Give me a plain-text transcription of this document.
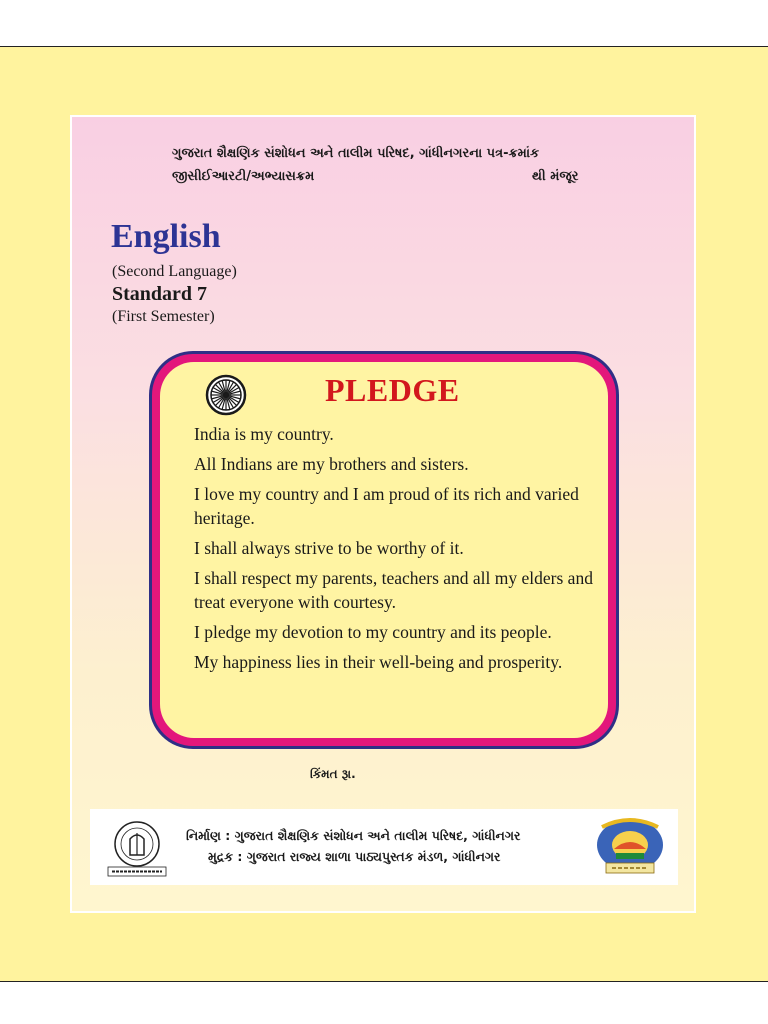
ગુજરાત શૈક્ષણિક સંશોધન અને તાલીમ પરિષદ, ગાંધીનગરના પત્ર-ક્રમાંક
જીસીઈઆરટી/અભ્યાસક્રમ	થી મંજૂર
English
(Second Language)
Standard 7
(First Semester)
PLEDGE

India is my country.

All Indians are my brothers and sisters.

I love my country and I am proud of its rich and varied heritage.

I shall always strive to be worthy of it.

I shall respect my parents, teachers and all my elders and treat everyone with courtesy.

I pledge my devotion to my country and its people.

My happiness lies in their well-being and prosperity.

કિંમત રૂા.
નિર્માણ : ગુજરાત શૈક્ષણિક સંશોધન અને તાલીમ પરિષદ, ગાંધીનગર
મુદ્રક : ગુજરાત રાજ્ય શાળા પાઠ્યપુસ્તક મંડળ, ગાંધીનગર
